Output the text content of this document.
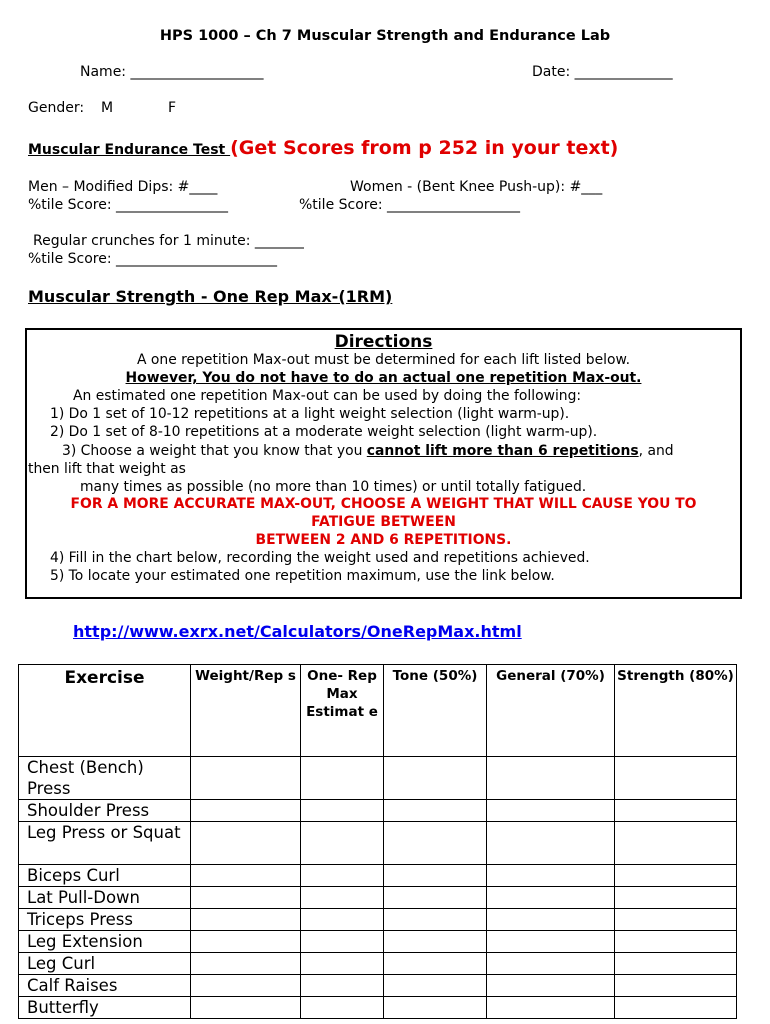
HPS 1000 – Ch 7 Muscular Strength and Endurance Lab
Name: ___________________	Date: ______________
Gender: M	F
Muscular Endurance Test (Get Scores from p 252 in your text)
Men – Modified Dips: #____
%tile Score: ________________
Women - (Bent Knee Push-up): #___
%tile Score: ___________________
Regular crunches for 1 minute: _______
%tile Score: _______________________
Muscular Strength - One Rep Max-(1RM)
Directions
A one repetition Max-out must be determined for each lift listed below.
However, You do not have to do an actual one repetition Max-out.
An estimated one repetition Max-out can be used by doing the following:
1) Do 1 set of 10-12 repetitions at a light weight selection (light warm-up).
2) Do 1 set of 8-10 repetitions at a moderate weight selection (light warm-up).
3) Choose a weight that you know that you cannot lift more than 6 repetitions, and
then lift that weight as
many times as possible (no more than 10 times) or until totally fatigued.
FOR A MORE ACCURATE MAX-OUT, CHOOSE A WEIGHT THAT WILL CAUSE YOU TO
FATIGUE BETWEEN
BETWEEN 2 AND 6 REPETITIONS.
4) Fill in the chart below, recording the weight used and repetitions achieved.
5) To locate your estimated one repetition maximum, use the link below.
http://www.exrx.net/Calculators/OneRepMax.html
Exercise	Weight/Rep s	One- Rep Max Estimat e	Tone (50%)	General (70%)	Strength (80%)
Chest (Bench) Press					
Shoulder Press					
Leg Press or Squat					
Biceps Curl					
Lat Pull-Down					
Triceps Press					
Leg Extension					
Leg Curl					
Calf Raises					
Butterfly					
